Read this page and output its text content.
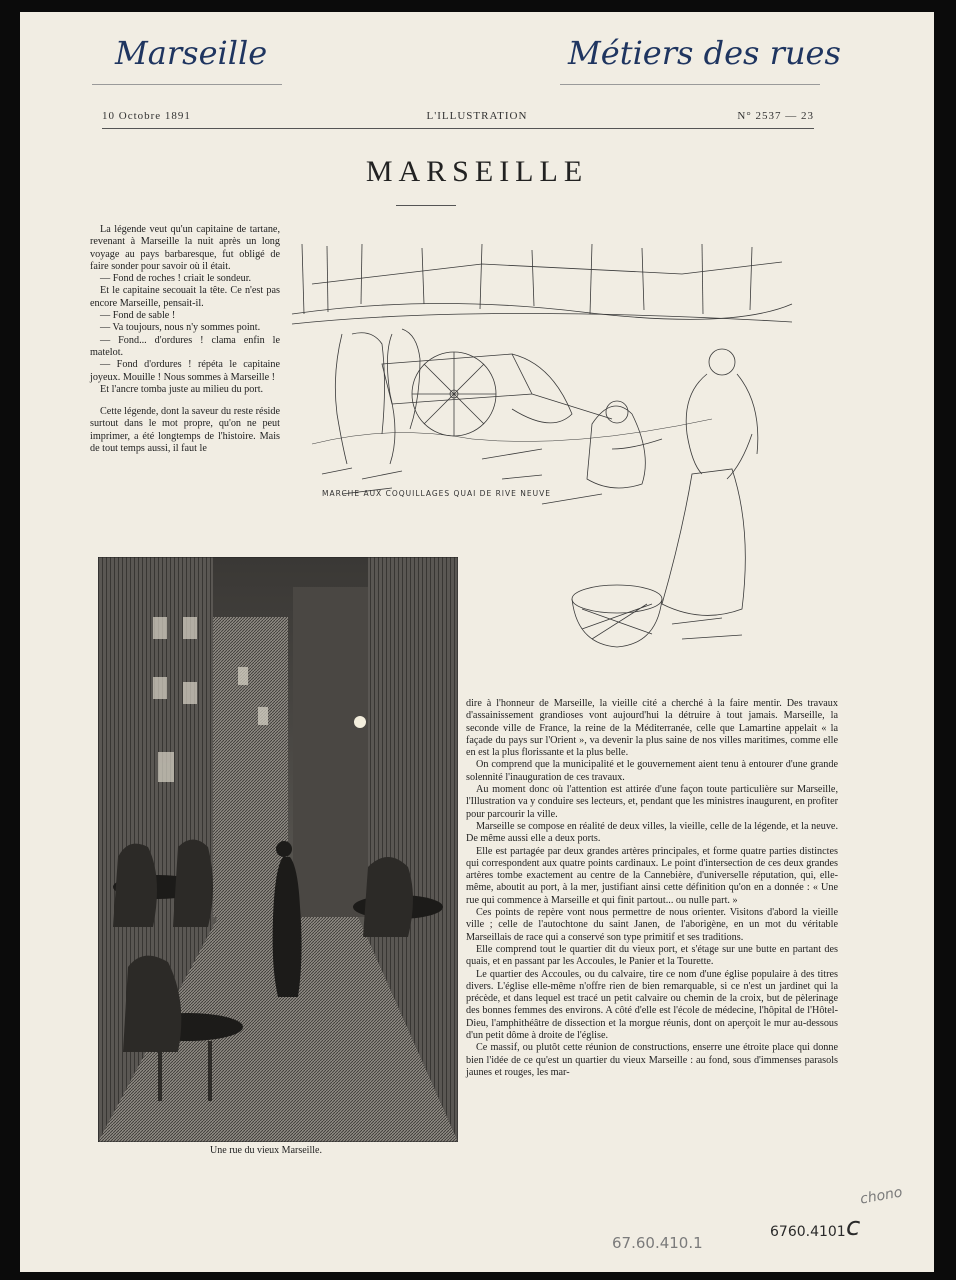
Marseille	Métiers des rues
10 Octobre 1891	L'ILLUSTRATION	N° 2537 — 23
MARSEILLE

La légende veut qu'un capitaine de tartane, revenant à Marseille la nuit après un long voyage au pays barbaresque, fut obligé de faire sonder pour savoir où il était.

— Fond de roches ! criait le sondeur.

Et le capitaine secouait la tête. Ce n'est pas encore Marseille, pensait-il.

— Fond de sable !

— Va toujours, nous n'y sommes point.

— Fond... d'ordures ! clama enfin le matelot.

— Fond d'ordures ! répéta le capitaine joyeux. Mouille ! Nous sommes à Marseille !

Et l'ancre tomba juste au milieu du port.

Cette légende, dont la saveur du reste réside surtout dans le mot propre, qu'on ne peut imprimer, a été longtemps de l'histoire. Mais de tout temps aussi, il faut le

MARCHE AUX COQUILLAGES QUAI DE RIVE NEUVE
Une rue du vieux Marseille.

dire à l'honneur de Marseille, la vieille cité a cherché à la faire mentir. Des travaux d'assainissement grandioses vont aujourd'hui la détruire à tout jamais. Marseille, la seconde ville de France, la reine de la Méditerranée, celle que Lamartine appelait « la façade du pays sur l'Orient », va devenir la plus saine de nos villes maritimes, comme elle en est la plus florissante et la plus belle.

On comprend que la municipalité et le gouvernement aient tenu à entourer d'une grande solennité l'inauguration de ces travaux.

Au moment donc où l'attention est attirée d'une façon toute particulière sur Marseille, l'Illustration va y conduire ses lecteurs, et, pendant que les ministres inaugurent, en profiter pour parcourir la ville.

Marseille se compose en réalité de deux villes, la vieille, celle de la légende, et la neuve. De même aussi elle a deux ports.

Elle est partagée par deux grandes artères principales, et forme quatre parties distinctes qui correspondent aux quatre points cardinaux. Le point d'intersection de ces deux grandes artères tombe exactement au centre de la Cannebière, d'universelle réputation, qui, elle-même, aboutit au port, à la mer, justifiant ainsi cette définition qu'on en a donnée : « Une rue qui commence à Marseille et qui finit partout... ou nulle part. »

Ces points de repère vont nous permettre de nous orienter. Visitons d'abord la vieille ville ; celle de l'autochtone du saint Janen, de l'aborigène, en un mot du véritable Marseillais de race qui a conservé son type primitif et ses traditions.

Elle comprend tout le quartier dit du vieux port, et s'étage sur une butte en partant des quais, et en passant par les Accoules, le Panier et la Tourette.

Le quartier des Accoules, ou du calvaire, tire ce nom d'une église populaire à des titres divers. L'église elle-même n'offre rien de bien remarquable, si ce n'est un jardinet qui la précède, et dans lequel est tracé un petit calvaire ou chemin de la croix, but de pèlerinage des bonnes femmes des environs. A côté d'elle est l'école de médecine, l'hôpital de l'Hôtel-Dieu, l'amphithéâtre de dissection et la morgue réunis, dont on aperçoit le mur au-dessous d'un petit dôme à droite de l'église.

Ce massif, ou plutôt cette réunion de constructions, enserre une étroite place qui donne bien l'idée de ce qu'est un quartier du vieux Marseille : au fond, sous d'immenses parasols jaunes et rouges, les mar-

67.60.410.1
6760.4101 c
chono
